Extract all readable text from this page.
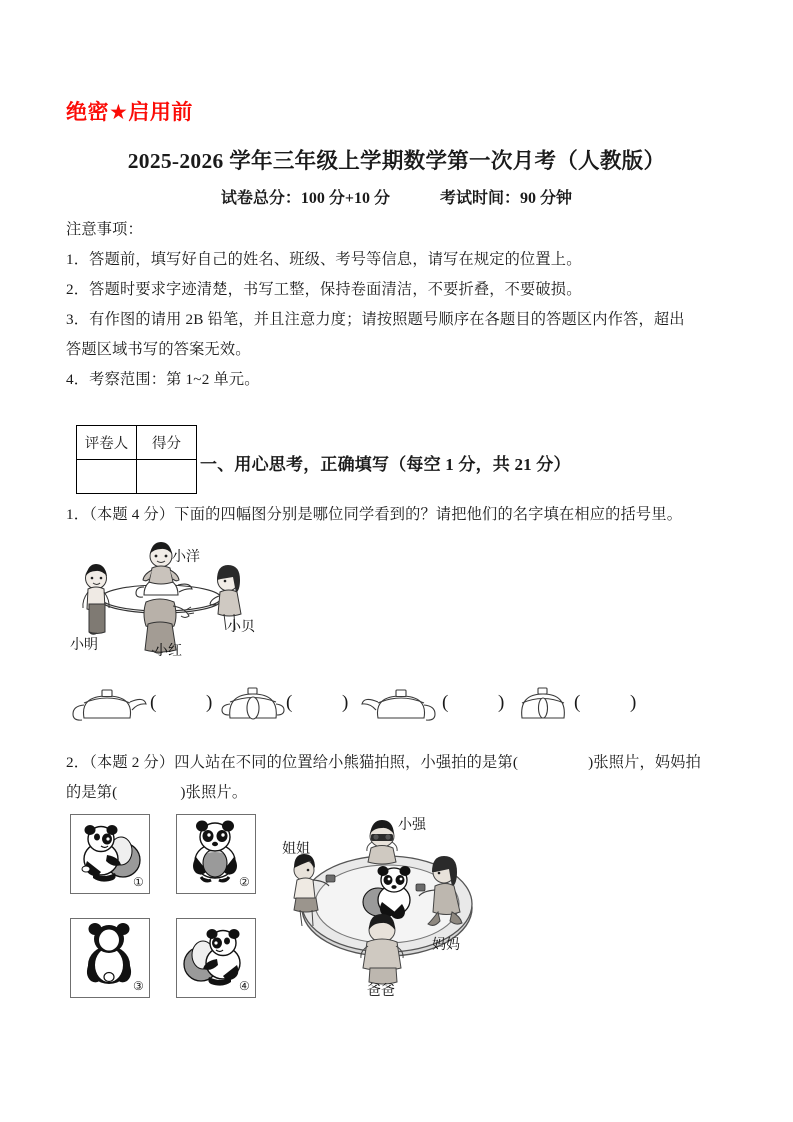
绝密★启用前
2025-2026 学年三年级上学期数学第一次月考（人教版）
试卷总分：100 分+10 分	考试时间：90 分钟
注意事项：
1．答题前，填写好自己的姓名、班级、考号等信息，请写在规定的位置上。
2．答题时要求字迹清楚，书写工整，保持卷面清洁，不要折叠，不要破损。
3．有作图的请用 2B 铅笔，并且注意力度；请按照题号顺序在各题目的答题区内作答，超出
答题区域书写的答案无效。
4．考察范围：第 1~2 单元。
评卷人	得分

一、用心思考，正确填写（每空 1 分，共 21 分）
1．（本题 4 分）下面的四幅图分别是哪位同学看到的？请把他们的名字填在相应的括号里。
小明
小洋
小贝
小红
(	)	(	)	(	)	(	)
2．（本题 2 分）四人站在不同的位置给小熊猫拍照，小强拍的是第(	)张照片，妈妈拍
的是第(	)张照片。
①	②
③	④
小强
姐姐
妈妈
爸爸
